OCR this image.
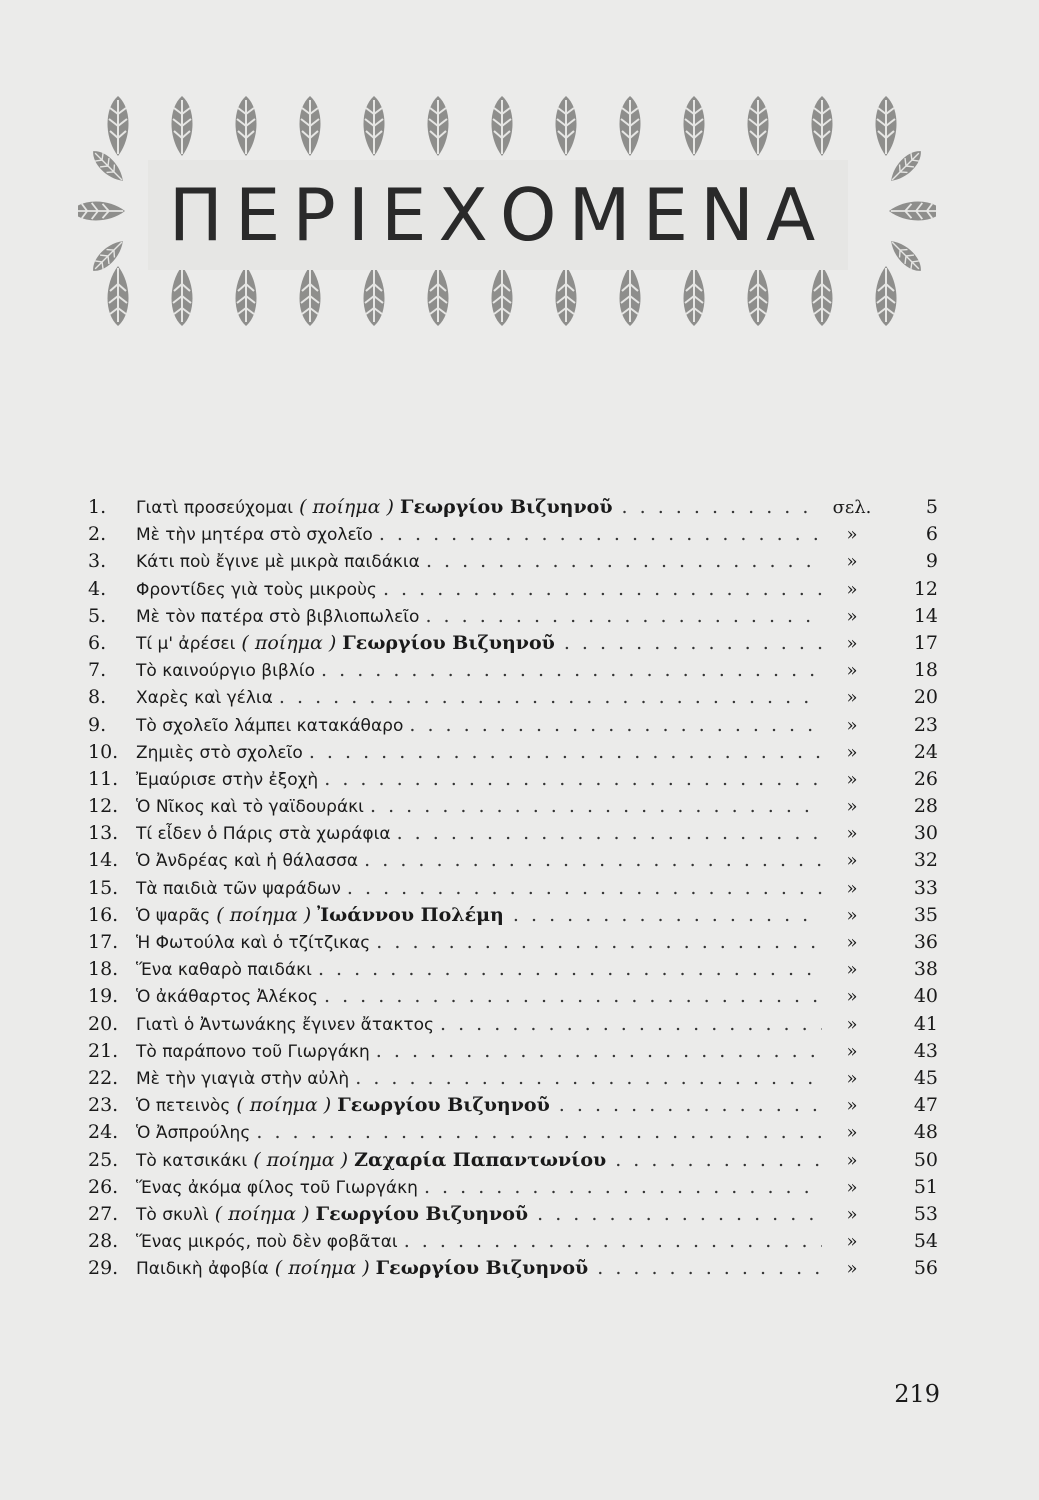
ΠΕΡΙΕΧΟΜΕΝΑ
1.	Γιατὶ προσεύχομαι ( ποίημα ) Γεωργίου Βιζυηνοῦ . . .	σελ.	5
2.	Μὲ τὴν μητέρα στὸ σχολεῖο . . .	»	6
3.	Κάτι ποὺ ἔγινε μὲ μικρὰ παιδάκια . . .	»	9
4.	Φροντίδες γιὰ τοὺς μικροὺς . . .	»	12
5.	Μὲ τὸν πατέρα στὸ βιβλιοπωλεῖο . . .	»	14
6.	Τί μ' ἀρέσει ( ποίημα ) Γεωργίου Βιζυηνοῦ . . .	»	17
7.	Τὸ καινούργιο βιβλίο . . .	»	18
8.	Χαρὲς καὶ γέλια . . .	»	20
9.	Τὸ σχολεῖο λάμπει κατακάθαρο . . .	»	23
10.	Ζημιὲς στὸ σχολεῖο . . .	»	24
11.	Ἐμαύρισε στὴν ἐξοχὴ . . .	»	26
12.	Ὁ Νῖκος καὶ τὸ γαϊδουράκι . . .	»	28
13.	Τί εἶδεν ὁ Πάρις στὰ χωράφια . . .	»	30
14.	Ὁ Ἀνδρέας καὶ ἡ θάλασσα . . .	»	32
15.	Τὰ παιδιὰ τῶν ψαράδων . . .	»	33
16.	Ὁ ψαρᾶς ( ποίημα ) Ἰωάννου Πολέμη . . .	»	35
17.	Ἡ Φωτούλα καὶ ὁ τζίτζικας . . .	»	36
18.	Ἕνα καθαρὸ παιδάκι . . .	»	38
19.	Ὁ ἀκάθαρτος Ἀλέκος . . .	»	40
20.	Γιατὶ ὁ Ἀντωνάκης ἔγινεν ἄτακτος . . .	»	41
21.	Τὸ παράπονο τοῦ Γιωργάκη . . .	»	43
22.	Μὲ τὴν γιαγιὰ στὴν αὐλὴ . . .	»	45
23.	Ὁ πετεινὸς ( ποίημα ) Γεωργίου Βιζυηνοῦ . . .	»	47
24.	Ὁ Ἀσπρούλης . . .	»	48
25.	Τὸ κατσικάκι ( ποίημα ) Ζαχαρία Παπαντωνίου . . .	»	50
26.	Ἕνας ἀκόμα φίλος τοῦ Γιωργάκη . . .	»	51
27.	Τὸ σκυλὶ ( ποίημα ) Γεωργίου Βιζυηνοῦ . . .	»	53
28.	Ἕνας μικρός, ποὺ δὲν φοβᾶται . . .	»	54
29.	Παιδικὴ ἀφοβία ( ποίημα ) Γεωργίου Βιζυηνοῦ . . .	»	56
219
